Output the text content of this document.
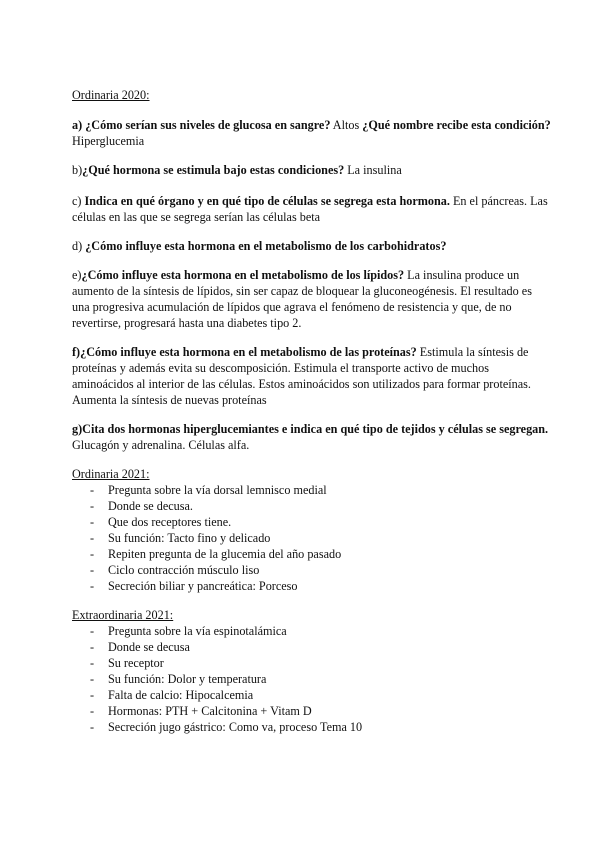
Ordinaria 2020:

a) ¿Cómo serían sus niveles de glucosa en sangre? Altos ¿Qué nombre recibe esta condición? Hiperglucemia

b)¿Qué hormona se estimula bajo estas condiciones? La insulina

c) Indica en qué órgano y en qué tipo de células se segrega esta hormona. En el páncreas. Las células en las que se segrega serían las células beta

d) ¿Cómo influye esta hormona en el metabolismo de los carbohidratos?

e)¿Cómo influye esta hormona en el metabolismo de los lípidos? La insulina produce un aumento de la síntesis de lípidos, sin ser capaz de bloquear la gluconeogénesis. El resultado es una progresiva acumulación de lípidos que agrava el fenómeno de resistencia y que, de no revertirse, progresará hasta una diabetes tipo 2.

f)¿Cómo influye esta hormona en el metabolismo de las proteínas? Estimula la síntesis de proteínas y además evita su descomposición. Estimula el transporte activo de muchos aminoácidos al interior de las células. Estos aminoácidos son utilizados para formar proteínas. Aumenta la síntesis de nuevas proteínas

g)Cita dos hormonas hiperglucemiantes e indica en qué tipo de tejidos y células se segregan. Glucagón y adrenalina. Células alfa.

Ordinaria 2021:

- Pregunta sobre la vía dorsal lemnisco medial
- Donde se decusa.
- Que dos receptores tiene.
- Su función: Tacto fino y delicado
- Repiten pregunta de la glucemia del año pasado
- Ciclo contracción músculo liso
- Secreción biliar y pancreática: Porceso

Extraordinaria 2021:

- Pregunta sobre la vía espinotalámica
- Donde se decusa
- Su receptor
- Su función: Dolor y temperatura
- Falta de calcio: Hipocalcemia
- Hormonas: PTH + Calcitonina + Vitam D
- Secreción jugo gástrico: Como va, proceso Tema 10
